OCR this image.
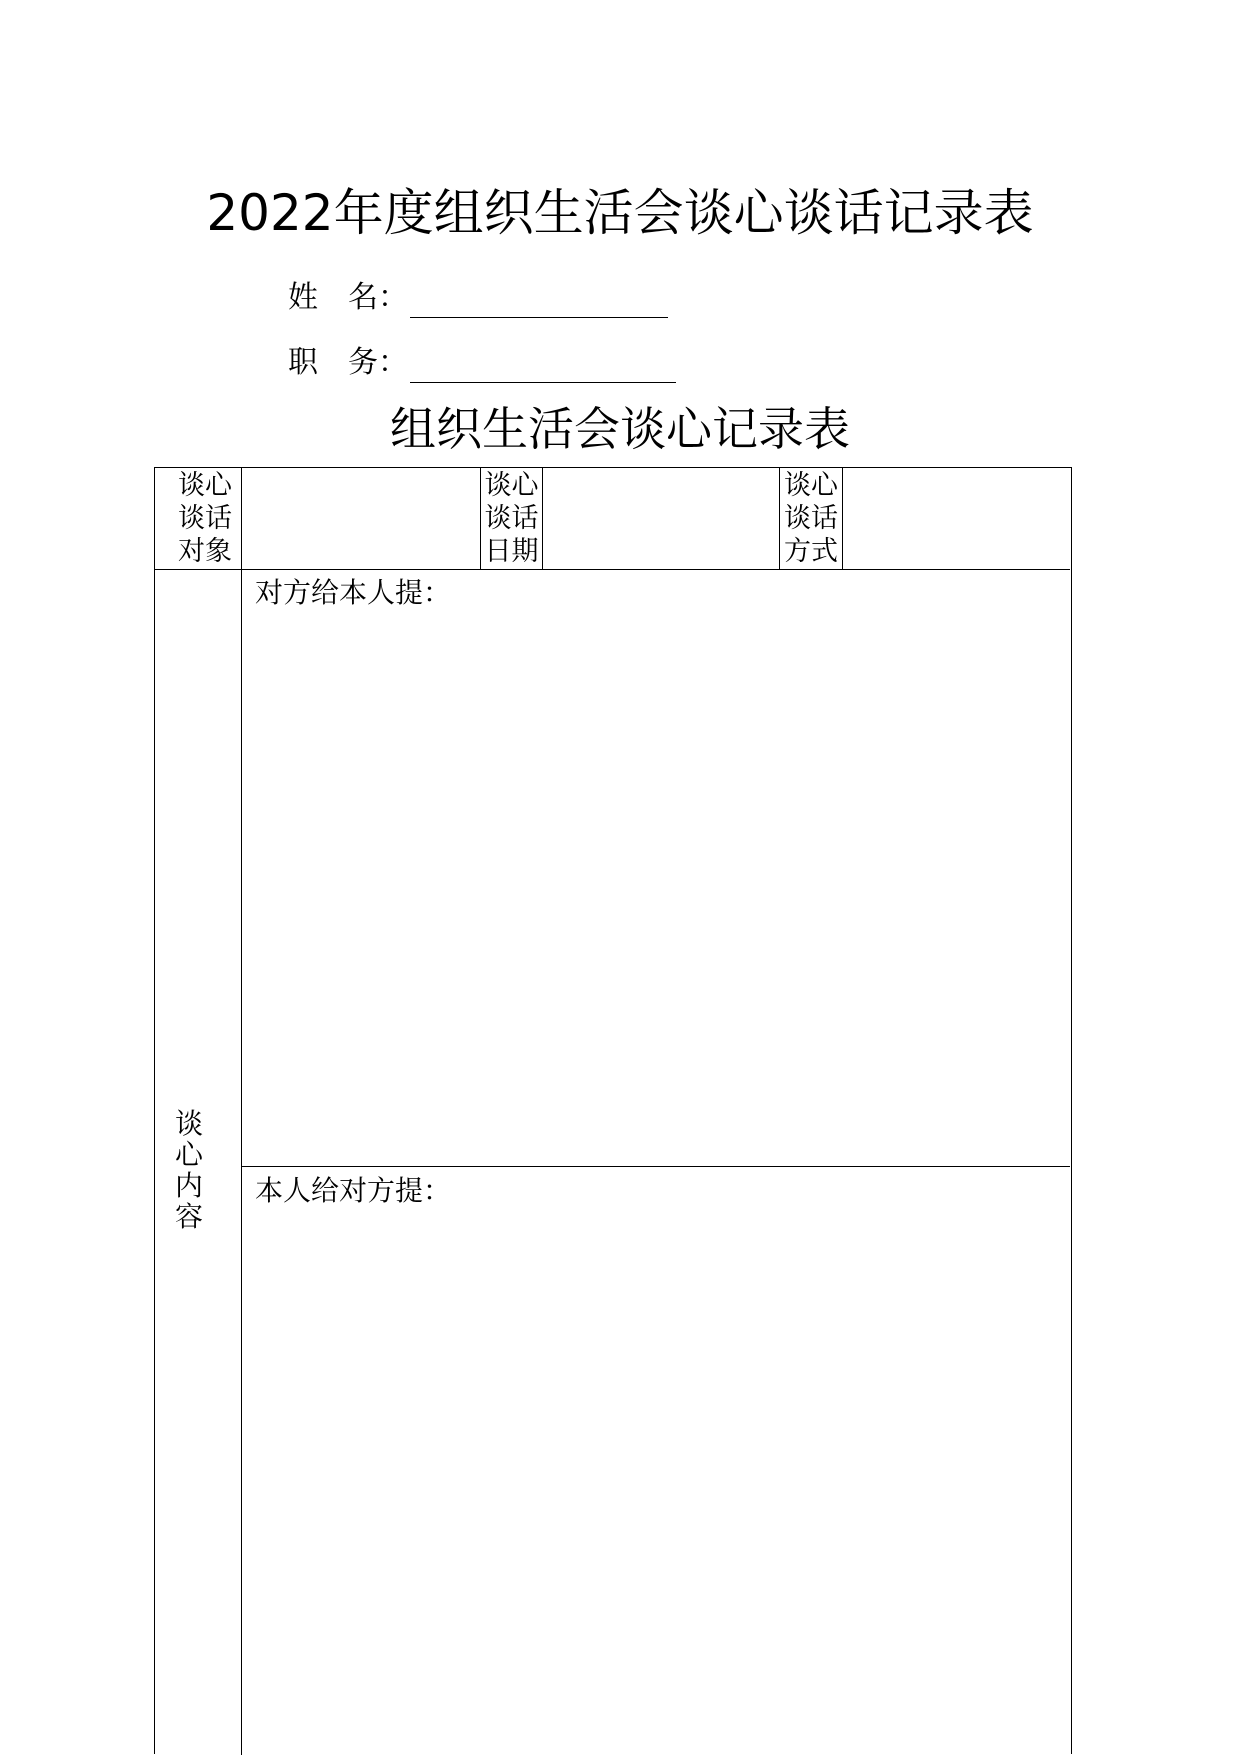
2022年度组织生活会谈心谈话记录表
姓　名：
职　务：
组织生活会谈心记录表
谈心
谈话
对象
谈心
谈话
日期
谈心
谈话
方式
谈
心
内
容
对方给本人提：
本人给对方提：
